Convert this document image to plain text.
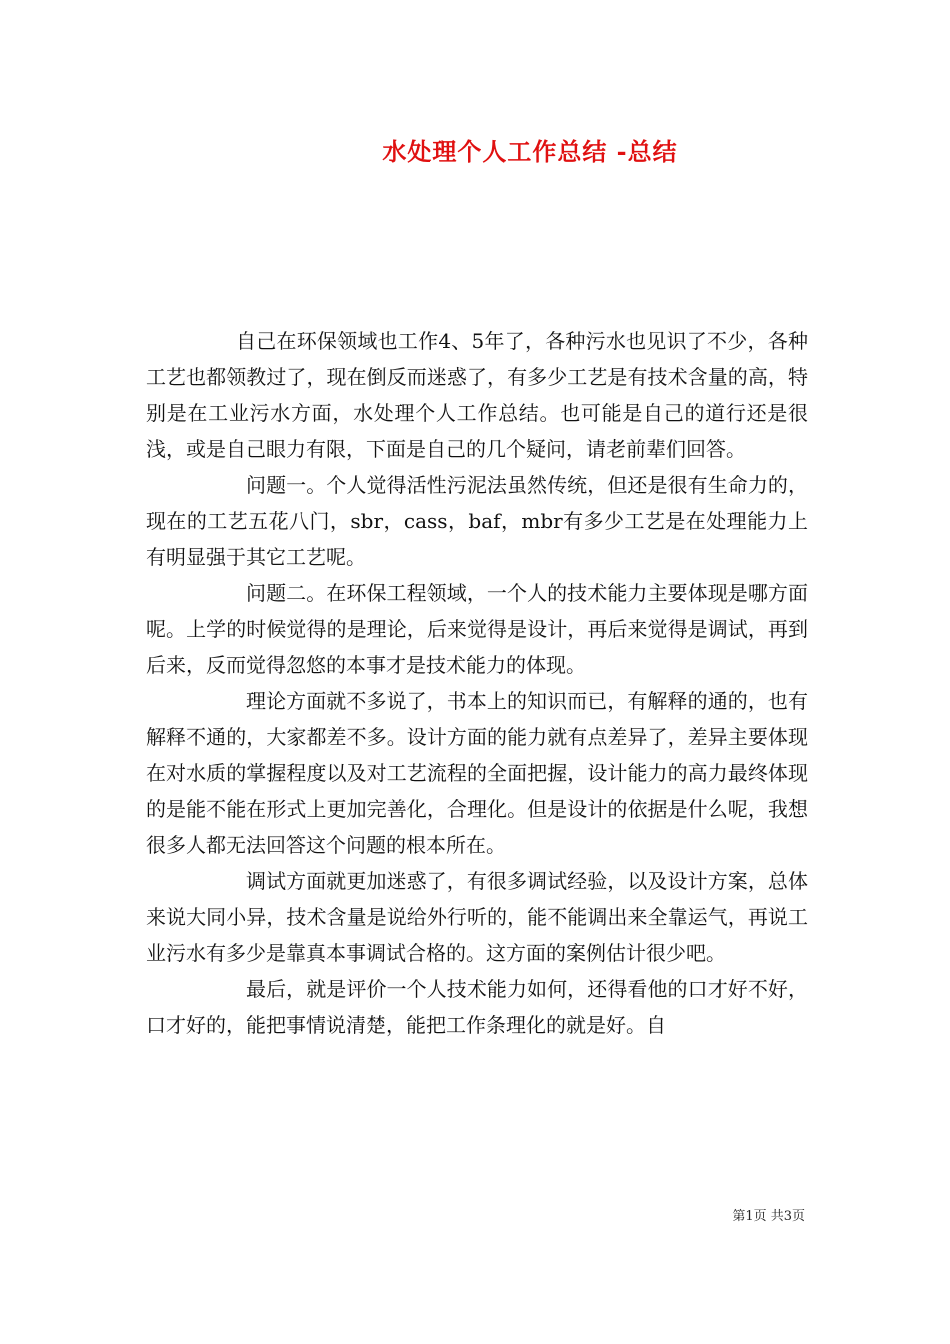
水处理个人工作总结 -总结

自己在环保领域也工作4、5年了，各种污水也见识了不少，各种工艺也都领教过了，现在倒反而迷惑了，有多少工艺是有技术含量的高，特别是在工业污水方面，水处理个人工作总结。也可能是自己的道行还是很浅，或是自己眼力有限，下面是自己的几个疑问，请老前辈们回答。

问题一。个人觉得活性污泥法虽然传统，但还是很有生命力的，现在的工艺五花八门，sbr，cass，baf，mbr有多少工艺是在处理能力上有明显强于其它工艺呢。

问题二。在环保工程领域，一个人的技术能力主要体现是哪方面呢。上学的时候觉得的是理论，后来觉得是设计，再后来觉得是调试，再到后来，反而觉得忽悠的本事才是技术能力的体现。

理论方面就不多说了，书本上的知识而已，有解释的通的，也有解释不通的，大家都差不多。设计方面的能力就有点差异了，差异主要体现在对水质的掌握程度以及对工艺流程的全面把握，设计能力的高力最终体现的是能不能在形式上更加完善化，合理化。但是设计的依据是什么呢，我想很多人都无法回答这个问题的根本所在。

调试方面就更加迷惑了，有很多调试经验，以及设计方案，总体来说大同小异，技术含量是说给外行听的，能不能调出来全靠运气，再说工业污水有多少是靠真本事调试合格的。这方面的案例估计很少吧。

最后，就是评价一个人技术能力如何，还得看他的口才好不好，口才好的，能把事情说清楚，能把工作条理化的就是好。自

第1页 共3页
